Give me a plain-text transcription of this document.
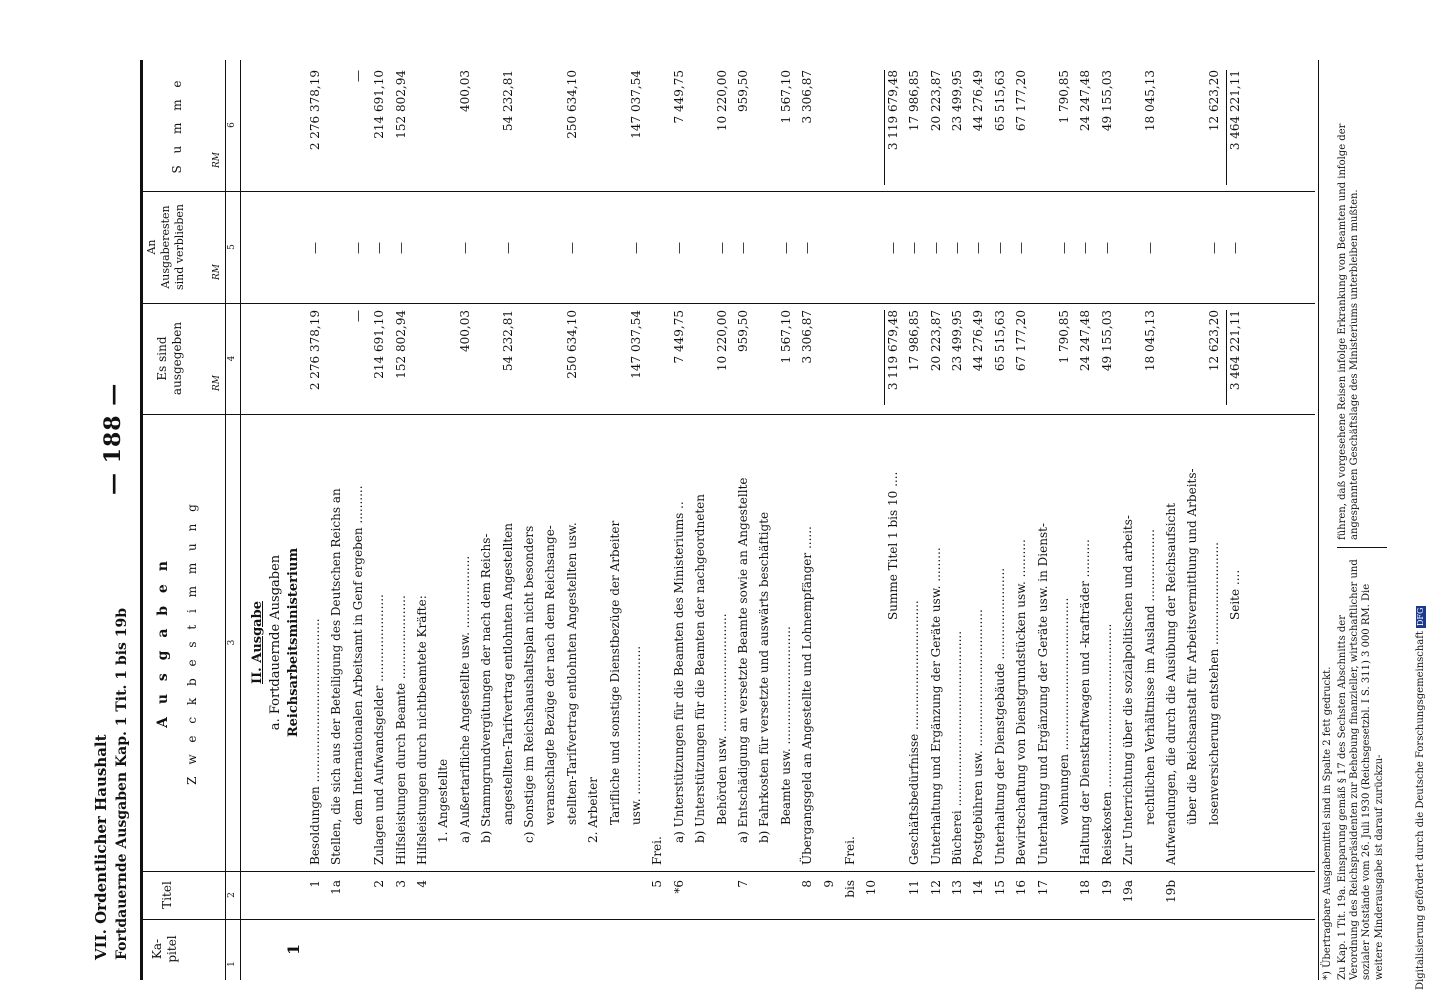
VII. Ordentlicher Haushalt Fortdauernde Ausgaben Kap. 1 Tit. 1 bis 19b
— 188 —
Ka-
pitel
Titel
A u s g a b e n Z w e c k b e s t i m m u n g
Es sind
ausgegeben
An
Ausgaberesten
sind verblieben
S u m m e
1
2
3
4
5
6
RM
RM
RM
II. Ausgabe a. Fortdauernde Ausgaben Reichsarbeitsministerium
1
1
Besoldungen ...........................................
2 276 378,19
—
2 276 378,19
1a
Stellen, die sich aus der Beteiligung des Deutschen Reichs an dem Internationalen Arbeitsamt in Genf ergeben ..........
—
—
—
2
Zulagen und Aufwandsgelder .......................
214 691,10
—
214 691,10
3
Hilfsleistungen durch Beamte ......................
152 802,94
—
152 802,94
4
Hilfsleistungen durch nichtbeamtete Kräfte: 1. Angestellte a) Außertarifliche Angestellte usw. ...................
400,03
—
400,03
b) Stammgrundvergütungen der nach dem Reichs- angestellten-Tarifvertrag entlohnten Angestellten
54 232,81
—
54 232,81
c) Sonstige im Reichshaushaltsplan nicht besonders veranschlagte Bezüge der nach dem Reichsange- stellten-Tarifvertrag entlohnten Angestellten usw.
250 634,10
—
250 634,10
2. Arbeiter Tarifliche und sonstige Dienstbezüge der Arbeiter usw. .......................................
147 037,54
—
147 037,54
5
Frei.
*6
a) Unterstützungen für die Beamten des Ministeriums ..
7 449,75
—
7 449,75
b) Unterstützungen für die Beamten der nachgeordneten Behörden usw. ...............................
10 220,00
—
10 220,00
7
a) Entschädigung an versetzte Beamte sowie an Angestellte
959,50
—
959,50
b) Fahrkosten für versetzte und auswärts beschäftigte Beamte usw. ...............................
1 567,10
—
1 567,10
8
Übergangsgeld an Angestellte und Lohnempfänger ......
3 306,87
—
3 306,87
9 bis
Frei.
10
Summe Titel 1 bis 10 ....
3 119 679,48
—
3 119 679,48
11
Geschäftsbedürfnisse ..................................
17 986,85
—
17 986,85
12
Unterhaltung und Ergänzung der Geräte usw. .........
20 223,87
—
20 223,87
13
Bücherei ..............................................
23 499,95
—
23 499,95
14
Postgebühren usw. ....................................
44 276,49
—
44 276,49
15
Unterhaltung der Dienstgebäude ........................
65 515,63
—
65 515,63
16
Bewirtschaftung von Dienstgrundstücken usw. ..........
67 177,20
—
67 177,20
17
Unterhaltung und Ergänzung der Geräte usw. in Dienst- wohnungen ........................................
1 790,85
—
1 790,85
18
Haltung der Dienstkraftwagen und -krafträder ..........
24 247,48
—
24 247,48
19
Reisekosten ...........................................
49 155,03
—
49 155,03
19a
Zur Unterrichtung über die sozialpolitischen und arbeits- rechtlichen Verhältnisse im Ausland ...................
18 045,13
—
18 045,13
19b
Aufwendungen, die durch die Ausübung der Reichsaufsicht über die Reichsanstalt für Arbeitsvermittlung und Arbeits- losenversicherung entstehen ...........................
12 623,20
—
12 623,20
Seite ....
3 464 221,11
—
3 464 221,11
*) Übertragbare Ausgabemittel sind in Spalte 2 fett gedruckt. Zu Kap. 1 Tit. 19a. Einsparung gemäß § 17 des Sechsten Abschnitts der Verordnung des Reichspräsidenten zur Behebung finanzieller, wirtschaftlicher und sozialer Notstände vom 26. Juli 1930 (Reichsgesetzbl. I S. 311) 3 000 RM. Die weitere Minderausgabe ist darauf zurückzu-
führen, daß vorgesehene Reisen infolge Erkrankung von Beamten und infolge der angespannten Geschäftslage des Ministeriums unterbleiben mußten.
Digitalisierung gefördert durch die Deutsche ForschungsgemeinschaftDFG
